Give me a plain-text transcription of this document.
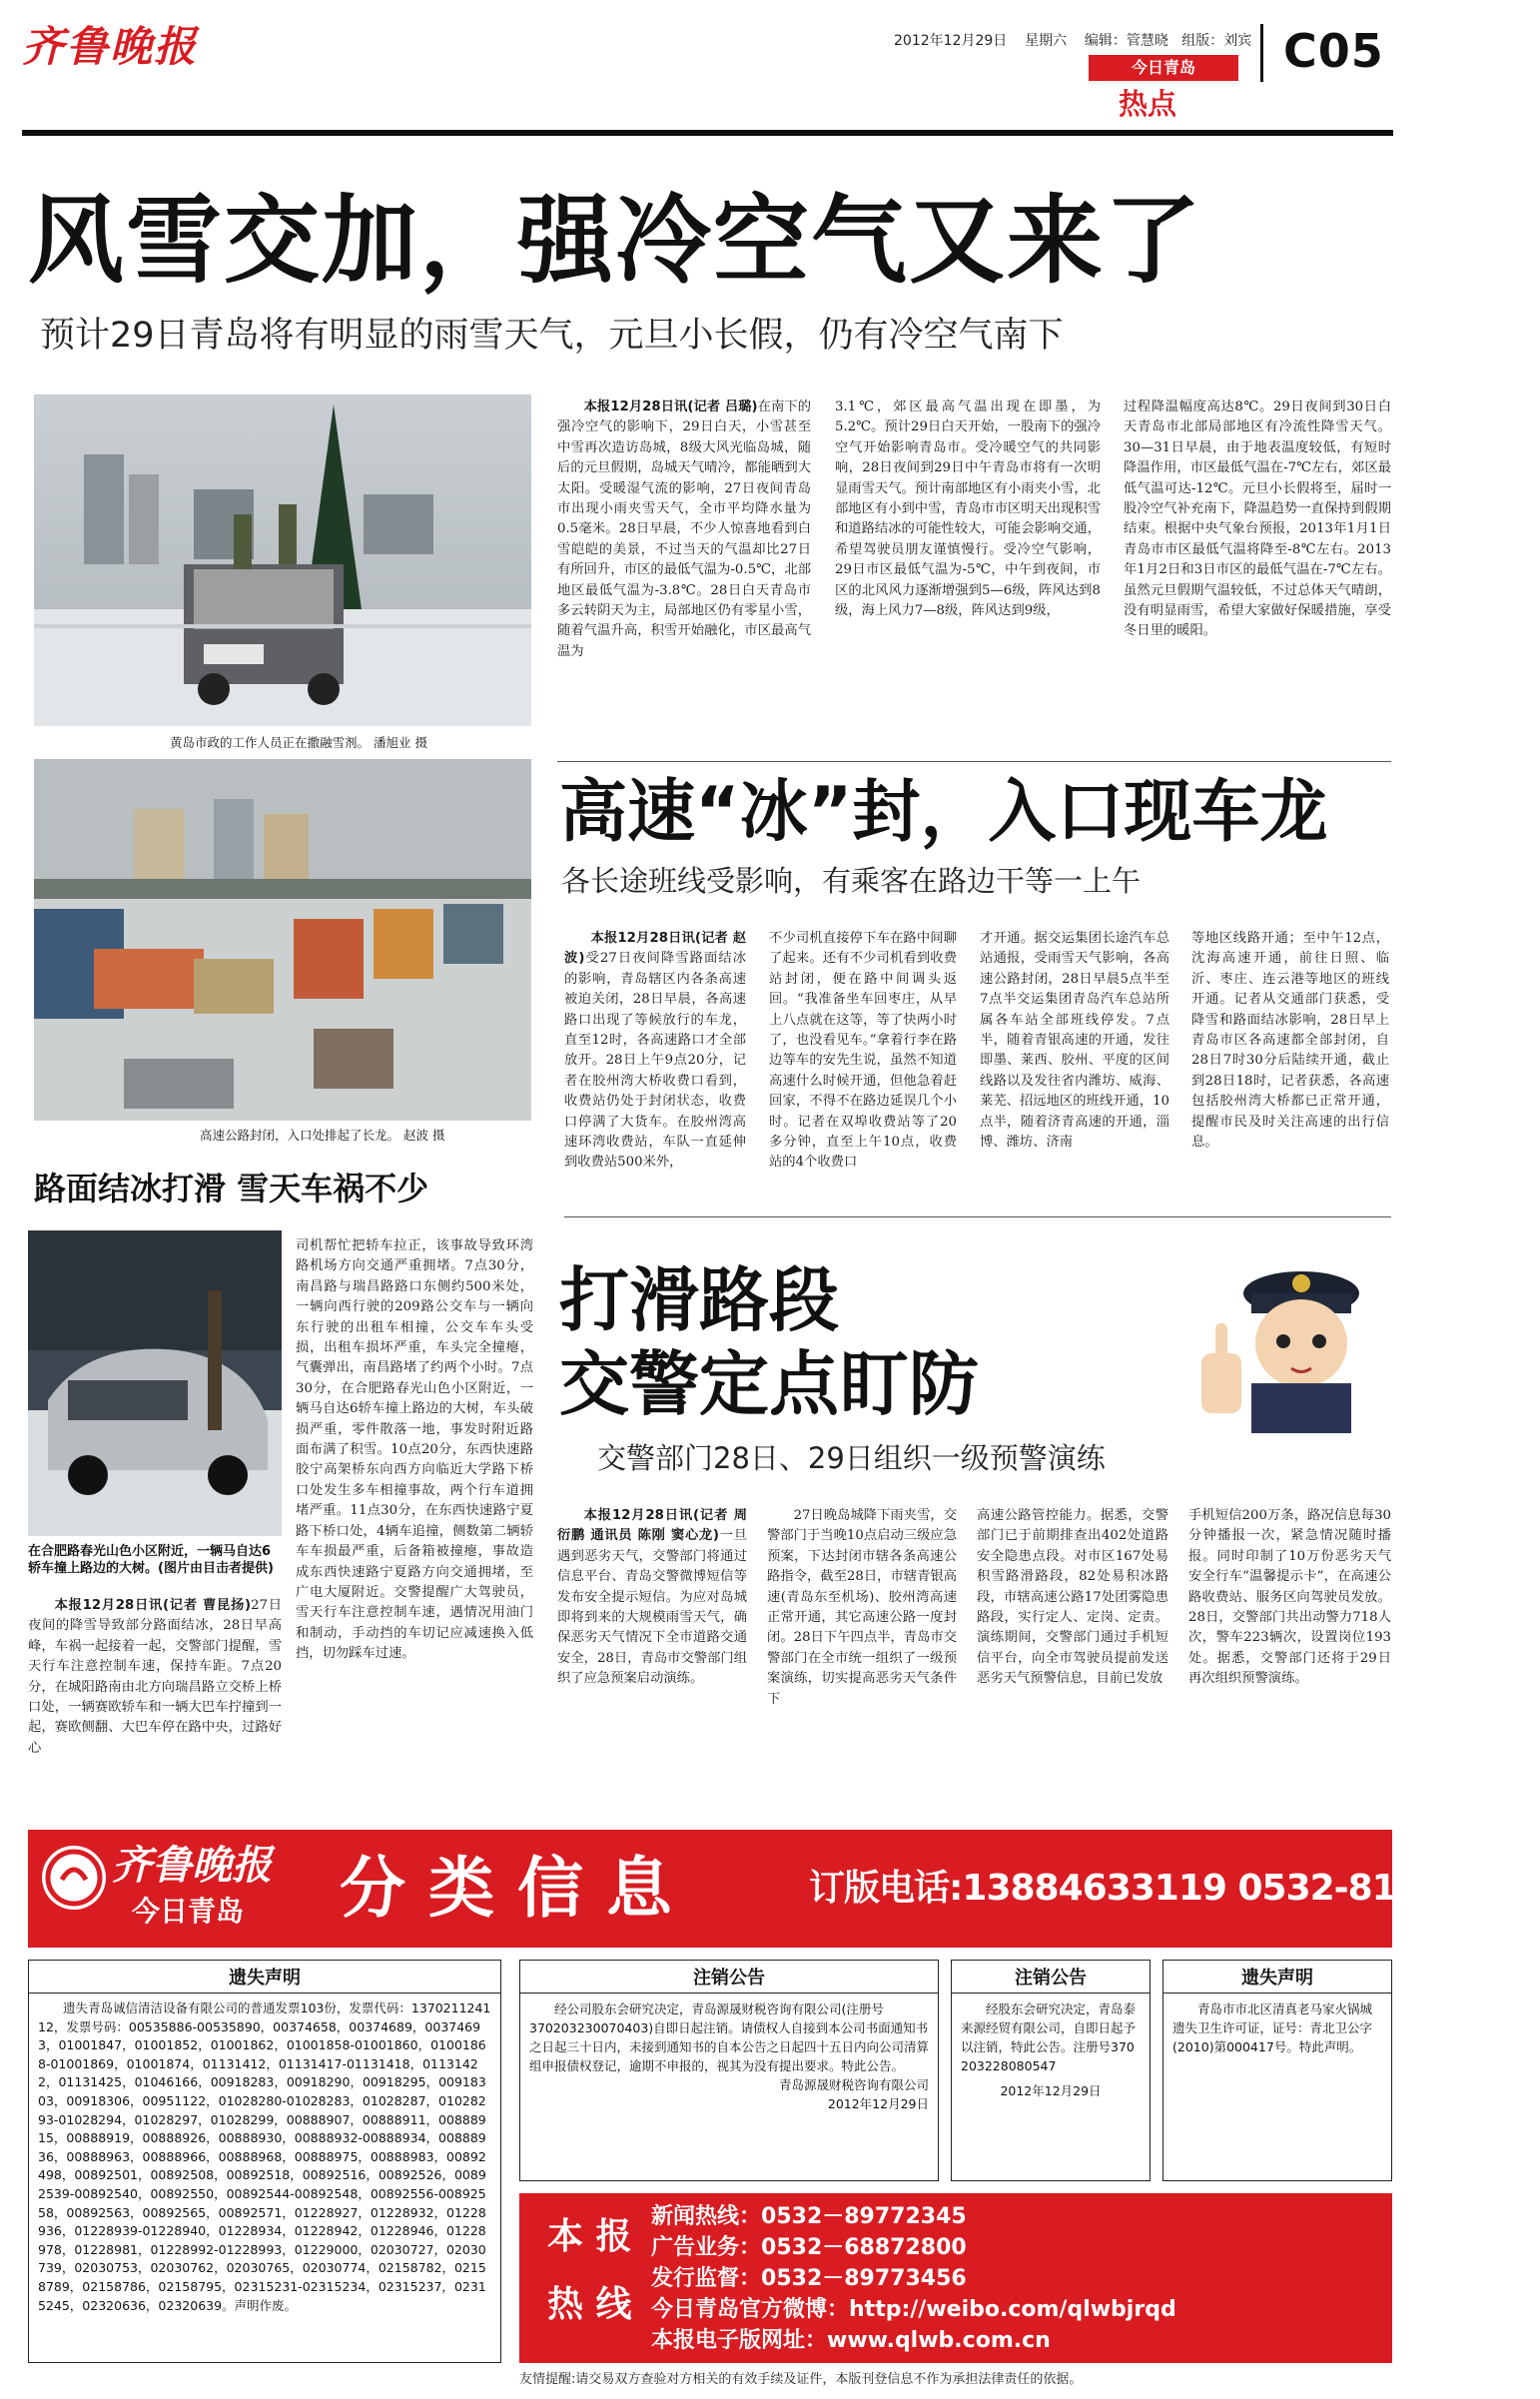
齐鲁晚报	2012年12月29日 星期六 编辑：管慧晓 组版：刘宾
今日青岛
热点
C05
风雪交加，强冷空气又来了
预计29日青岛将有明显的雨雪天气，元旦小长假，仍有冷空气南下
黄岛市政的工作人员正在撒融雪剂。 潘旭业 摄

本报12月28日讯(记者 吕璐)在南下的强冷空气的影响下，29日白天，小雪甚至中雪再次造访岛城，8级大风光临岛城，随后的元旦假期，岛城天气晴冷，都能晒到大太阳。受暖湿气流的影响，27日夜间青岛市出现小雨夹雪天气，全市平均降水量为0.5毫米。28日早晨，不少人惊喜地看到白雪皑皑的美景，不过当天的气温却比27日有所回升，市区的最低气温为-0.5℃，北部地区最低气温为-3.8℃。28日白天青岛市多云转阴天为主，局部地区仍有零星小雪，随着气温升高，积雪开始融化，市区最高气温为

3.1℃，郊区最高气温出现在即墨，为5.2℃。预计29日白天开始，一股南下的强冷空气开始影响青岛市。受冷暖空气的共同影响，28日夜间到29日中午青岛市将有一次明显雨雪天气。预计南部地区有小雨夹小雪，北部地区有小到中雪，青岛市市区明天出现积雪和道路结冰的可能性较大，可能会影响交通，希望驾驶员朋友谨慎慢行。受冷空气影响，29日市区最低气温为-5℃，中午到夜间，市区的北风风力逐渐增强到5—6级，阵风达到8级，海上风力7—8级，阵风达到9级，

过程降温幅度高达8℃。29日夜间到30日白天青岛市北部局部地区有冷流性降雪天气。30—31日早晨，由于地表温度较低，有短时降温作用，市区最低气温在-7℃左右，郊区最低气温可达-12℃。元旦小长假将至，届时一股冷空气补充南下，降温趋势一直保持到假期结束。根据中央气象台预报，2013年1月1日青岛市市区最低气温将降至-8℃左右。2013年1月2日和3日市区的最低气温在-7℃左右。虽然元旦假期气温较低，不过总体天气晴朗，没有明显雨雪，希望大家做好保暖措施，享受冬日里的暖阳。

高速公路封闭，入口处排起了长龙。 赵波 摄
高速“冰”封，入口现车龙
各长途班线受影响，有乘客在路边干等一上午

本报12月28日讯(记者 赵波)受27日夜间降雪路面结冰的影响，青岛辖区内各条高速被迫关闭，28日早晨，各高速路口出现了等候放行的车龙，直至12时，各高速路口才全部放开。28日上午9点20分，记者在胶州湾大桥收费口看到，收费站仍处于封闭状态，收费口停满了大货车。在胶州湾高速环湾收费站，车队一直延伸到收费站500米外，

不少司机直接停下车在路中间聊了起来。还有不少司机看到收费站封闭，便在路中间调头返回。“我准备坐车回枣庄，从早上八点就在这等，等了快两小时了，也没看见车。”拿着行李在路边等车的安先生说，虽然不知道高速什么时候开通，但他急着赶回家，不得不在路边延误几个小时。记者在双埠收费站等了20多分钟，直至上午10点，收费站的4个收费口

才开通。据交运集团长途汽车总站通报，受雨雪天气影响，各高速公路封闭，28日早晨5点半至7点半交运集团青岛汽车总站所属各车站全部班线停发。7点半，随着青银高速的开通，发往即墨、莱西、胶州、平度的区间线路以及发往省内潍坊、威海、莱芜、招远地区的班线开通，10点半，随着济青高速的开通，淄博、潍坊、济南

等地区线路开通；至中午12点，沈海高速开通，前往日照、临沂、枣庄、连云港等地区的班线开通。记者从交通部门获悉，受降雪和路面结冰影响，28日早上青岛市区各高速都全部封闭，自28日7时30分后陆续开通，截止到28日18时，记者获悉，各高速包括胶州湾大桥都已正常开通，提醒市民及时关注高速的出行信息。

路面结冰打滑 雪天车祸不少
在合肥路春光山色小区附近，一辆马自达6轿车撞上路边的大树。(图片由目击者提供)

本报12月28日讯(记者 曹昆扬)27日夜间的降雪导致部分路面结冰，28日早高峰，车祸一起接着一起，交警部门提醒，雪天行车注意控制车速，保持车距。7点20分，在城阳路南由北方向瑞昌路立交桥上桥口处，一辆赛欧轿车和一辆大巴车拧撞到一起，赛欧侧翻、大巴车停在路中央，过路好心

司机帮忙把轿车拉正，该事故导致环湾路机场方向交通严重拥堵。7点30分，南昌路与瑞昌路路口东侧约500米处，一辆向西行驶的209路公交车与一辆向东行驶的出租车相撞，公交车车头受损，出租车损坏严重，车头完全撞瘪，气囊弹出，南昌路堵了约两个小时。7点30分，在合肥路春光山色小区附近，一辆马自达6轿车撞上路边的大树，车头破损严重，零件散落一地，事发时附近路面布满了积雪。10点20分，东西快速路胶宁高架桥东向西方向临近大学路下桥口处发生多车相撞事故，两个行车道拥堵严重。11点30分，在东西快速路宁夏路下桥口处，4辆车追撞，侧数第二辆轿车车损最严重，后备箱被撞瘪，事故造成东西快速路宁夏路方向交通拥堵，至广电大厦附近。交警提醒广大驾驶员，雪天行车注意控制车速，遇情况用油门和制动，手动挡的车切记应减速换入低挡，切勿踩车过速。

打滑路段
交警定点盯防
交警部门28日、29日组织一级预警演练

本报12月28日讯(记者 周衍鹏 通讯员 陈刚 窦心龙)一旦遇到恶劣天气，交警部门将通过信息平台、青岛交警微博短信等发布安全提示短信。为应对岛城即将到来的大规模雨雪天气，确保恶劣天气情况下全市道路交通安全，28日，青岛市交警部门组织了应急预案启动演练。

27日晚岛城降下雨夹雪，交警部门于当晚10点启动三级应急预案，下达封闭市辖各条高速公路指令，截至28日，市辖青银高速(青岛东至机场)、胶州湾高速正常开通，其它高速公路一度封闭。28日下午四点半，青岛市交警部门在全市统一组织了一级预案演练，切实提高恶劣天气条件下

高速公路管控能力。据悉，交警部门已于前期排查出402处道路安全隐患点段。对市区167处易积雪路滑路段，82处易积冰路段，市辖高速公路17处团雾隐患路段，实行定人、定岗、定责。演练期间，交警部门通过手机短信平台，向全市驾驶员提前发送恶劣天气预警信息，目前已发放

手机短信200万条，路况信息每30分钟播报一次，紧急情况随时播报。同时印制了10万份恶劣天气安全行车“温馨提示卡”，在高速公路收费站、服务区向驾驶员发放。28日，交警部门共出动警力718人次，警车223辆次，设置岗位193处。据悉，交警部门还将于29日再次组织预警演练。

齐鲁晚报
今日青岛 分 类 信 息	订版电话:13884633119 0532-81186679
遗失声明
遗失青岛诚信清洁设备有限公司的普通发票103份，发票代码：137021124112，发票号码：00535886-00535890，00374658，00374689，00374693，01001847，01001852，01001862，01001858-01001860，01001868-01001869，01001874，01131412，01131417-01131418，01131422，01131425，01046166，00918283，00918290，00918295，00918303，00918306，00951122，01028280-01028283，01028287，01028293-01028294，01028297，01028299，00888907，00888911，00888915，00888919，00888926，00888930，00888932-00888934，00888936，00888963，00888966，00888968，00888975，00888983，00892498，00892501，00892508，00892518，00892516，00892526，00892539-00892540，00892550，00892544-00892548，00892556-00892558，00892563，00892565，00892571，01228927，01228932，01228936，01228939-01228940，01228934，01228942，01228946，01228978，01228981，01228992-01228993，01229000，02030727，02030739，02030753，02030762，02030765，02030774，02158782，02158789，02158786，02158795，02315231-02315234，02315237，02315245，02320636，02320639。声明作废。
注销公告
经公司股东会研究决定，青岛源晟财税咨询有限公司(注册号370203230070403)自即日起注销。请债权人自接到本公司书面通知书之日起三十日内，未接到通知书的自本公告之日起四十五日内向公司清算组申报债权登记，逾期不申报的，视其为没有提出要求。特此公告。
青岛源晟财税咨询有限公司
2012年12月29日
注销公告
经股东会研究决定，青岛泰来源经贸有限公司，自即日起予以注销，特此公告。注册号370203228080547
2012年12月29日
遗失声明
青岛市市北区清真老马家火锅城遗失卫生许可证，证号：青北卫公字(2010)第000417号。特此声明。
本 报
热 线
新闻热线：0532－89772345
广告业务：0532－68872800
发行监督：0532－89773456
今日青岛官方微博：http://weibo.com/qlwbjrqd
本报电子版网址：www.qlwb.com.cn
友情提醒:请交易双方查验对方相关的有效手续及证件，本版刊登信息不作为承担法律责任的依据。
